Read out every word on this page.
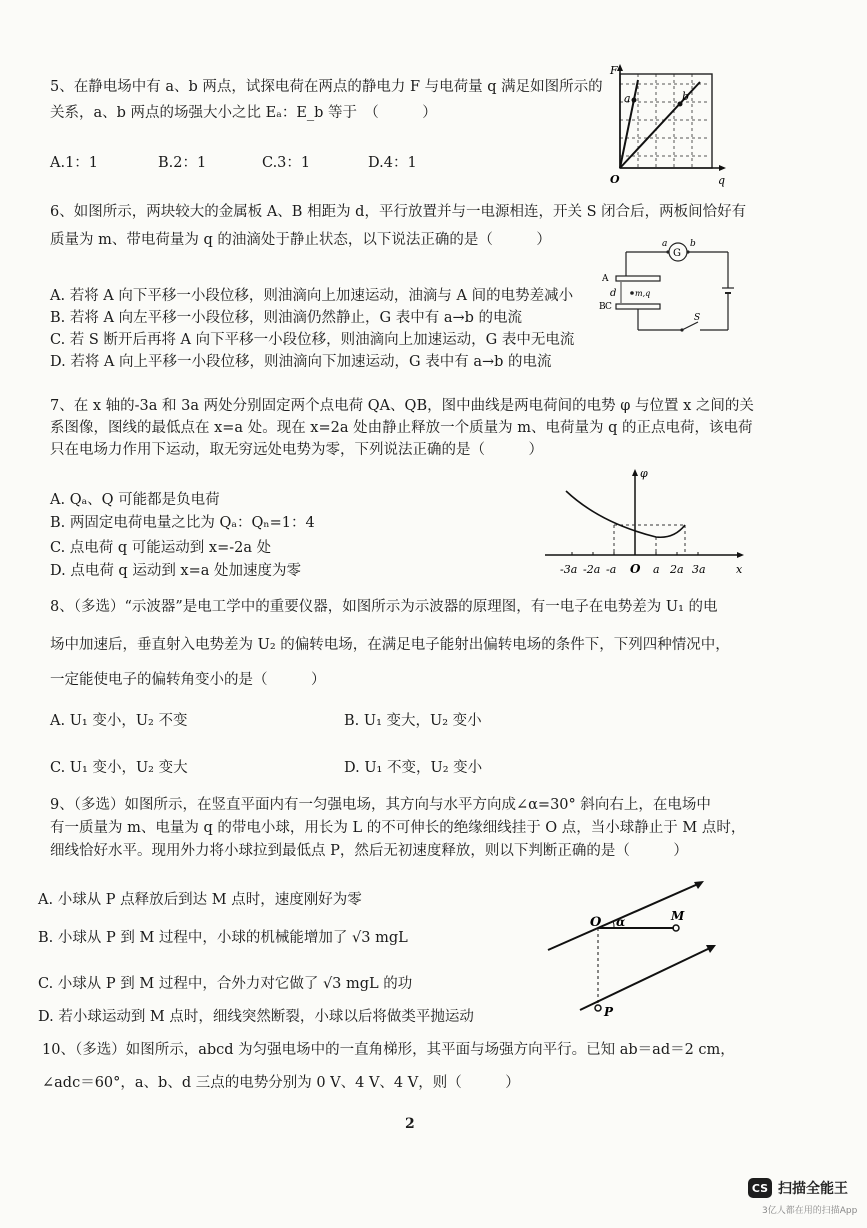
5、在静电场中有 a、b 两点，试探电荷在两点的静电力 F 与电荷量 q 满足如图所示的
关系，a、b 两点的场强大小之比 Eₐ：E_b 等于　（　　　）
A.1：1	B.2：1	C.3：1	D.4：1
F
q
O
a	b
6、如图所示，两块较大的金属板 A、B 相距为 d，平行放置并与一电源相连，开关 S 闭合后，两板间恰好有
质量为 m、带电荷量为 q 的油滴处于静止状态，以下说法正确的是（　　　）
A. 若将 A 向下平移一小段位移，则油滴向上加速运动，油滴与 A 间的电势差减小
B. 若将 A 向左平移一小段位移，则油滴仍然静止，G 表中有 a→b 的电流
C. 若 S 断开后再将 A 向下平移一小段位移，则油滴向上加速运动，G 表中无电流
D. 若将 A 向上平移一小段位移，则油滴向下加速运动，G 表中有 a→b 的电流
G
a	b
A
B C
d m,q
S
7、在 x 轴的-3a 和 3a 两处分别固定两个点电荷 QA、QB，图中曲线是两电荷间的电势 φ 与位置 x 之间的关
系图像，图线的最低点在 x=a 处。现在 x=2a 处由静止释放一个质量为 m、电荷量为 q 的正点电荷，该电荷
只在电场力作用下运动，取无穷远处电势为零，下列说法正确的是（　　　）
A. Qₐ、Q 可能都是负电荷
B. 两固定电荷电量之比为 Qₐ：Qₙ=1：4
C. 点电荷 q 可能运动到 x=-2a 处
D. 点电荷 q 运动到 x=a 处加速度为零
φ
x
O
-3a -2a -a	a 2a 3a
8、（多选）“示波器”是电工学中的重要仪器，如图所示为示波器的原理图，有一电子在电势差为 U₁ 的电
场中加速后，垂直射入电势差为 U₂ 的偏转电场，在满足电子能射出偏转电场的条件下，下列四种情况中，
一定能使电子的偏转角变小的是（　　　）
A. U₁ 变小，U₂ 不变	B. U₁ 变大，U₂ 变小
C. U₁ 变小，U₂ 变大	D. U₁ 不变，U₂ 变小
9、（多选）如图所示，在竖直平面内有一匀强电场，其方向与水平方向成∠α=30° 斜向右上，在电场中
有一质量为 m、电量为 q 的带电小球，用长为 L 的不可伸长的绝缘细线挂于 O 点，当小球静止于 M 点时，
细线恰好水平。现用外力将小球拉到最低点 P，然后无初速度释放，则以下判断正确的是（　　　）
A. 小球从 P 点释放后到达 M 点时，速度刚好为零
B. 小球从 P 到 M 过程中，小球的机械能增加了 √3 mgL
C. 小球从 P 到 M 过程中，合外力对它做了 √3 mgL 的功
D. 若小球运动到 M 点时，细线突然断裂，小球以后将做类平抛运动
O	M
P
α
10、（多选）如图所示，abcd 为匀强电场中的一直角梯形，其平面与场强方向平行。已知 ab＝ad＝2 cm，
∠adc＝60°，a、b、d 三点的电势分别为 0 V、4 V、4 V，则（　　　）
2
CS 扫描全能王
3亿人都在用的扫描App
